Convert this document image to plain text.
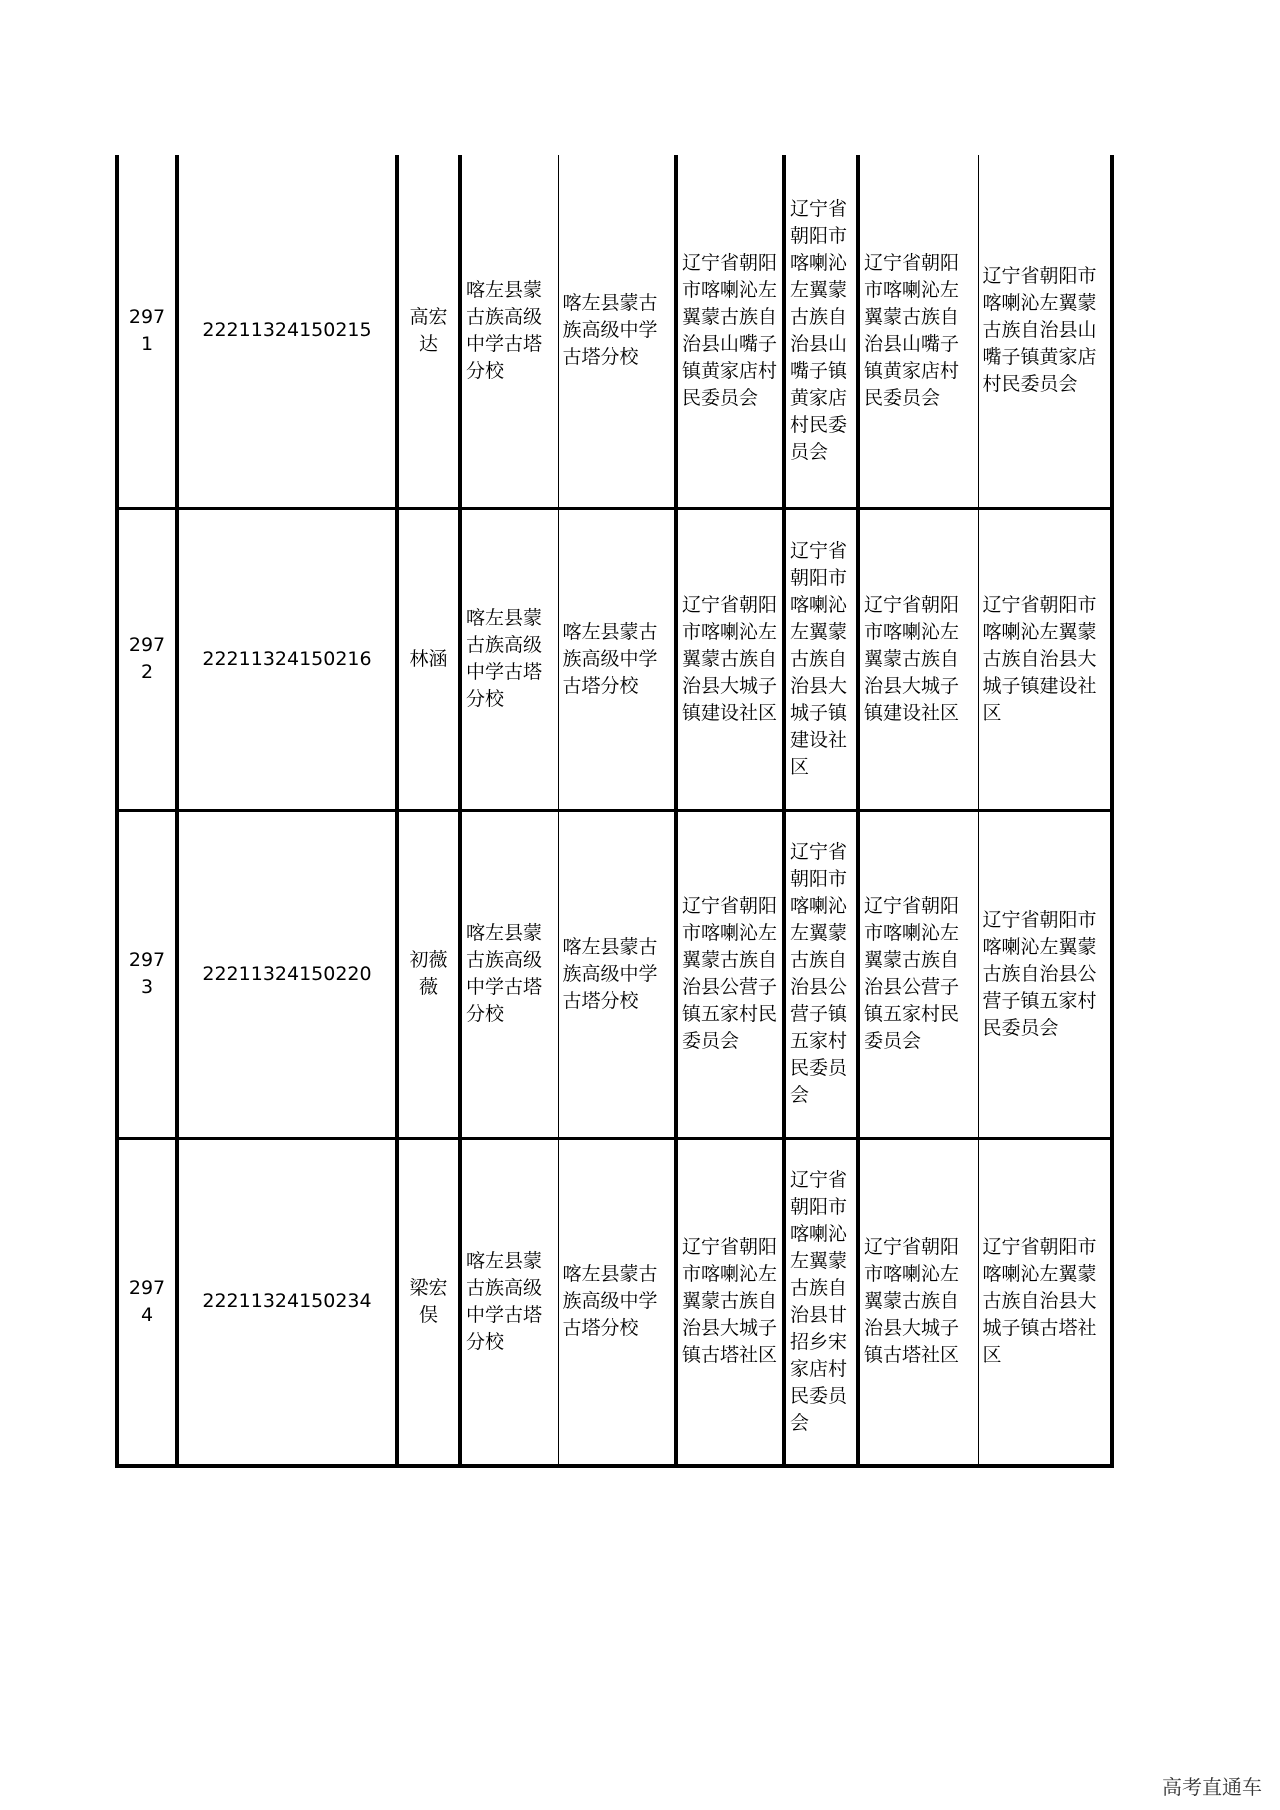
2971	22211324150215	高宏达	喀左县蒙古族高级中学古塔分校	喀左县蒙古族高级中学古塔分校	辽宁省朝阳市喀喇沁左翼蒙古族自治县山嘴子镇黄家店村民委员会	辽宁省朝阳市喀喇沁左翼蒙古族自治县山嘴子镇黄家店村民委员会	辽宁省朝阳市喀喇沁左翼蒙古族自治县山嘴子镇黄家店村民委员会	辽宁省朝阳市喀喇沁左翼蒙古族自治县山嘴子镇黄家店村民委员会
2972	22211324150216	林涵	喀左县蒙古族高级中学古塔分校	喀左县蒙古族高级中学古塔分校	辽宁省朝阳市喀喇沁左翼蒙古族自治县大城子镇建设社区	辽宁省朝阳市喀喇沁左翼蒙古族自治县大城子镇建设社区	辽宁省朝阳市喀喇沁左翼蒙古族自治县大城子镇建设社区	辽宁省朝阳市喀喇沁左翼蒙古族自治县大城子镇建设社区
2973	22211324150220	初薇薇	喀左县蒙古族高级中学古塔分校	喀左县蒙古族高级中学古塔分校	辽宁省朝阳市喀喇沁左翼蒙古族自治县公营子镇五家村民委员会	辽宁省朝阳市喀喇沁左翼蒙古族自治县公营子镇五家村民委员会	辽宁省朝阳市喀喇沁左翼蒙古族自治县公营子镇五家村民委员会	辽宁省朝阳市喀喇沁左翼蒙古族自治县公营子镇五家村民委员会
2974	22211324150234	梁宏俣	喀左县蒙古族高级中学古塔分校	喀左县蒙古族高级中学古塔分校	辽宁省朝阳市喀喇沁左翼蒙古族自治县大城子镇古塔社区	辽宁省朝阳市喀喇沁左翼蒙古族自治县甘招乡宋家店村民委员会	辽宁省朝阳市喀喇沁左翼蒙古族自治县大城子镇古塔社区	辽宁省朝阳市喀喇沁左翼蒙古族自治县大城子镇古塔社区
高考直通车
